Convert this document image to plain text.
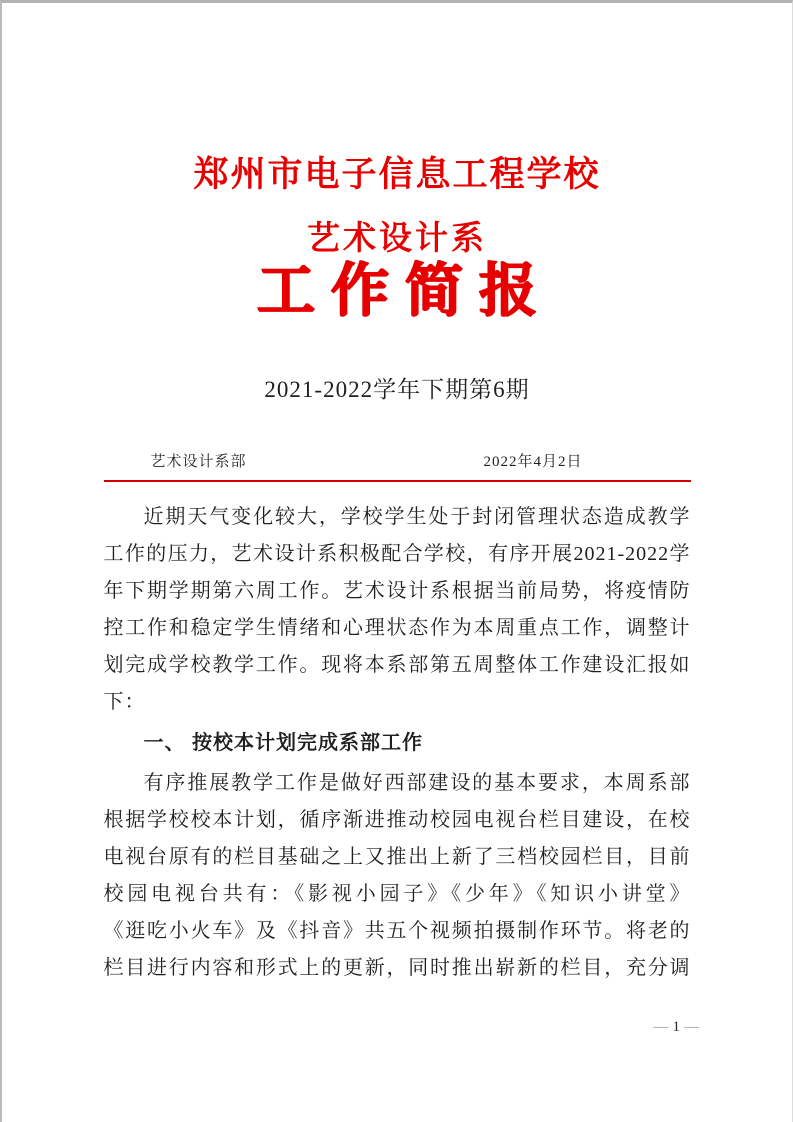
郑州市电子信息工程学校
艺术设计系
工作简报
2021-2022学年下期第6期
艺术设计系部	2022年4月2日
近期天气变化较大，学校学生处于封闭管理状态造成教学
工作的压力，艺术设计系积极配合学校，有序开展2021-2022学
年下期学期第六周工作。艺术设计系根据当前局势，将疫情防
控工作和稳定学生情绪和心理状态作为本周重点工作，调整计
划完成学校教学工作。现将本系部第五周整体工作建设汇报如
下：
一、 按校本计划完成系部工作
有序推展教学工作是做好西部建设的基本要求，本周系部
根据学校校本计划，循序渐进推动校园电视台栏目建设，在校
电视台原有的栏目基础之上又推出上新了三档校园栏目，目前
校园电视台共有：《影视小园子》《少年》《知识小讲堂》
《逛吃小火车》及《抖音》共五个视频拍摄制作环节。将老的
栏目进行内容和形式上的更新，同时推出崭新的栏目，充分调
— 1 —
